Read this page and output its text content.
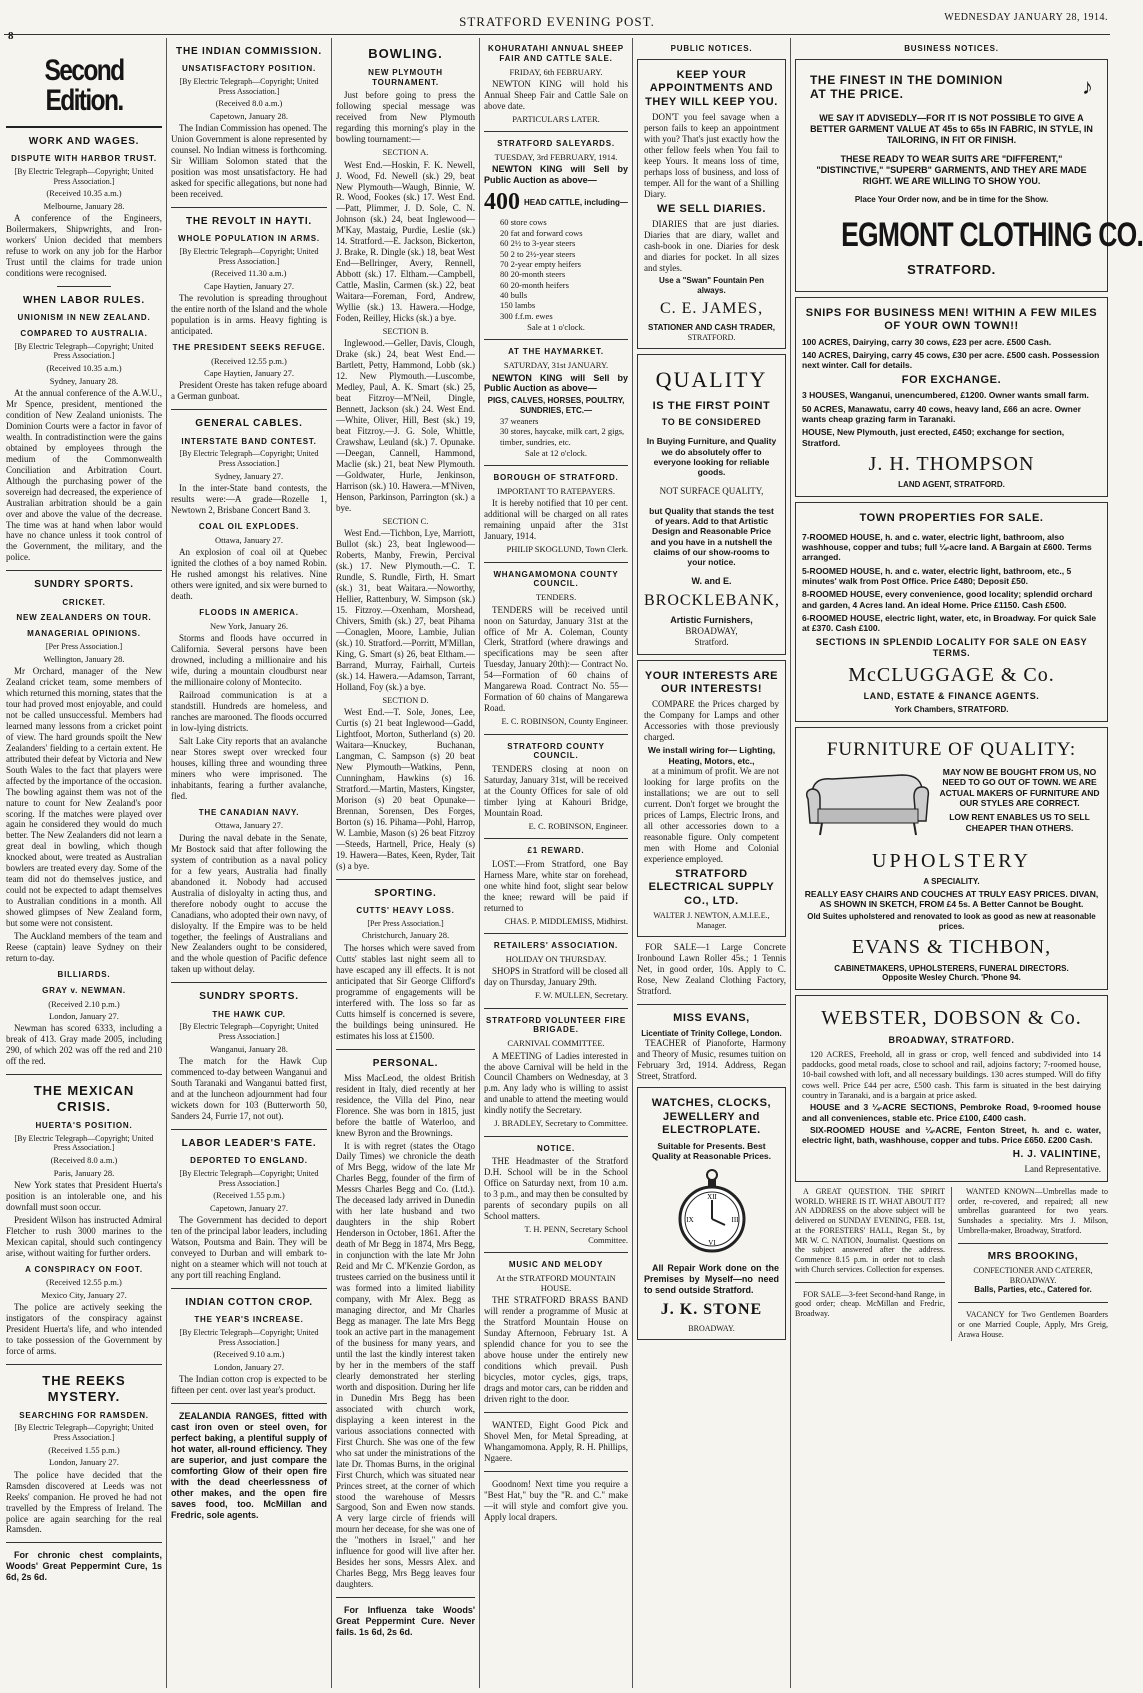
STRATFORD EVENING POST.	WEDNESDAY JANUARY 28, 1914.
8
Second Edition.
WORK AND WAGES.
DISPUTE WITH HARBOR TRUST.
[By Electric Telegraph—Copyright; United Press Association.]
(Received 10.35 a.m.)
Melbourne, January 28.

A conference of the Engineers, Boilermakers, Shipwrights, and Iron-workers' Union decided that members refuse to work on any job for the Harbor Trust until the claims for trade union conditions were recognised.

WHEN LABOR RULES.
UNIONISM IN NEW ZEALAND.
COMPARED TO AUSTRALIA.
[By Electric Telegraph—Copyright; United Press Association.]
(Received 10.35 a.m.)
Sydney, January 28.

At the annual conference of the A.W.U., Mr Spence, president, mentioned the condition of New Zealand unionists. The Dominion Courts were a factor in favor of wealth. In contradistinction were the gains obtained by employees through the medium of the Commonwealth Conciliation and Arbitration Court. Although the purchasing power of the sovereign had decreased, the experience of Australian arbitration should be a gain over and above the value of the decrease. The time was at hand when labor would have no chance unless it took control of the Government, the military, and the police.

SUNDRY SPORTS.
CRICKET.
NEW ZEALANDERS ON TOUR.
MANAGERIAL OPINIONS.
[Per Press Association.]
Wellington, January 28.

Mr Orchard, manager of the New Zealand cricket team, some members of which returned this morning, states that the tour had proved most enjoyable, and could not be called unsuccessful. Members had learned many lessons from a cricket point of view. The hard grounds spoilt the New Zealanders' fielding to a certain extent. He attributed their defeat by Victoria and New South Wales to the fact that players were affected by the importance of the occasion. The bowling against them was not of the nature to count for New Zealand's poor scoring. If the matches were played over again he considered they would do much better. The New Zealanders did not learn a great deal in bowling, which though knocked about, were treated as Australian bowlers are treated every day. Some of the team did not do themselves justice, and could not be expected to adapt themselves to Australian conditions in a month. All showed glimpses of New Zealand form, but some were not consistent.

The Auckland members of the team and Reese (captain) leave Sydney on their return to-day.

BILLIARDS.
GRAY v. NEWMAN.
(Received 2.10 p.m.)
London, January 27.

Newman has scored 6333, including a break of 413. Gray made 2005, including 290, of which 202 was off the red and 210 off the red.

THE MEXICAN CRISIS.
HUERTA'S POSITION.
[By Electric Telegraph—Copyright; United Press Association.]
(Received 8.0 a.m.)
Paris, January 28.

New York states that President Huerta's position is an intolerable one, and his downfall must soon occur.

President Wilson has instructed Admiral Fletcher to rush 3000 marines to the Mexican capital, should such contingency arise, without waiting for further orders.

A CONSPIRACY ON FOOT.
(Received 12.55 p.m.)
Mexico City, January 27.

The police are actively seeking the instigators of the conspiracy against President Huerta's life, and who intended to take possession of the Government by force of arms.

THE REEKS MYSTERY.
SEARCHING FOR RAMSDEN.
[By Electric Telegraph—Copyright; United Press Association.]
(Received 1.55 p.m.)
London, January 27.

The police have decided that the Ramsden discovered at Leeds was not Reeks' companion. He proved he had not travelled by the Empress of Ireland. The police are again searching for the real Ramsden.

For chronic chest complaints, Woods' Great Peppermint Cure, 1s 6d, 2s 6d.

THE INDIAN COMMISSION.
UNSATISFACTORY POSITION.
[By Electric Telegraph—Copyright; United Press Association.]
(Received 8.0 a.m.)
Capetown, January 28.

The Indian Commission has opened. The Union Government is alone represented by counsel. No Indian witness is forthcoming. Sir William Solomon stated that the position was most unsatisfactory. He had asked for specific allegations, but none had been received.

THE REVOLT IN HAYTI.
WHOLE POPULATION IN ARMS.
[By Electric Telegraph—Copyright; United Press Association.]
(Received 11.30 a.m.)
Cape Haytien, January 27.

The revolution is spreading throughout the entire north of the Island and the whole population is in arms. Heavy fighting is anticipated.

THE PRESIDENT SEEKS REFUGE.
(Received 12.55 p.m.)
Cape Haytien, January 27.

President Oreste has taken refuge aboard a German gunboat.

GENERAL CABLES.
INTERSTATE BAND CONTEST.
[By Electric Telegraph—Copyright; United Press Association.]
Sydney, January 27.

In the inter-State band contests, the results were:—A grade—Rozelle 1, Newtown 2, Brisbane Concert Band 3.

COAL OIL EXPLODES.
Ottawa, January 27.

An explosion of coal oil at Quebec ignited the clothes of a boy named Robin. He rushed amongst his relatives. Nine others were ignited, and six were burned to death.

FLOODS IN AMERICA.
New York, January 26.

Storms and floods have occurred in California. Several persons have been drowned, including a millionaire and his wife, during a mountain cloudburst near the millionaire colony of Montecito.

Railroad communication is at a standstill. Hundreds are homeless, and ranches are marooned. The floods occurred in low-lying districts.

Salt Lake City reports that an avalanche near Stores swept over wrecked four houses, killing three and wounding three miners who were imprisoned. The inhabitants, fearing a further avalanche, fled.

THE CANADIAN NAVY.
Ottawa, January 27.

During the naval debate in the Senate, Mr Bostock said that after following the system of contribution as a naval policy for a few years, Australia had finally abandoned it. Nobody had accused Australia of disloyalty in acting thus, and therefore nobody ought to accuse the Canadians, who adopted their own navy, of disloyalty. If the Empire was to be held together, the feelings of Australians and New Zealanders ought to be considered, and the whole question of Pacific defence taken up without delay.

SUNDRY SPORTS.
THE HAWK CUP.
[By Electric Telegraph—Copyright; United Press Association.]
Wanganui, January 28.

The match for the Hawk Cup commenced to-day between Wanganui and South Taranaki and Wanganui batted first, and at the luncheon adjournment had four wickets down for 103 (Butterworth 50, Sanders 24, Furrie 17, not out).

LABOR LEADER'S FATE.
DEPORTED TO ENGLAND.
[By Electric Telegraph—Copyright; United Press Association.]
(Received 1.55 p.m.)
Capetown, January 27.

The Government has decided to deport ten of the principal labor leaders, including Watson, Poutsma and Bain. They will be conveyed to Durban and will embark to-night on a steamer which will not touch at any port till reaching England.

INDIAN COTTON CROP.
THE YEAR'S INCREASE.
[By Electric Telegraph—Copyright; United Press Association.]
(Received 9.10 a.m.)
London, January 27.

The Indian cotton crop is expected to be fifteen per cent. over last year's product.

ZEALANDIA RANGES, fitted with cast iron oven or steel oven, for perfect baking, a plentiful supply of hot water, all-round efficiency. They are superior, and just compare the comforting Glow of their open fire with the dead cheerlessness of other makes, and the open fire saves food, too. McMillan and Fredric, sole agents.

BOWLING.
NEW PLYMOUTH TOURNAMENT.

Just before going to press the following special message was received from New Plymouth regarding this morning's play in the bowling tournament:—

SECTION A.

West End.—Hoskin, F. K. Newell, J. Wood, Fd. Newell (sk.) 29, beat New Plymouth—Waugh, Binnie, W. R. Wood, Fookes (sk.) 17. West End.—Patt, Plimmer, J. D. Sole, C. N. Johnson (sk.) 24, beat Inglewood—M'Kay, Mastaig, Purdie, Leslie (sk.) 14. Stratford.—E. Jackson, Bickerton, J. Brake, R. Dingle (sk.) 18, beat West End—Bellringer, Avery, Rennell, Abbott (sk.) 17. Eltham.—Campbell, Cattle, Maslin, Carmen (sk.) 22, beat Waitara—Foreman, Ford, Andrew, Wyllie (sk.) 13. Hawera.—Hodge, Foden, Reilley, Hicks (sk.) a bye.

SECTION B.

Inglewood.—Geller, Davis, Clough, Drake (sk.) 24, beat West End.—Bartlett, Petty, Hammond, Lobb (sk.) 12. New Plymouth.—Luscombe, Medley, Paul, A. K. Smart (sk.) 25, beat Fitzroy—M'Neil, Dingle, Bennett, Jackson (sk.) 24. West End.—White, Oliver, Hill, Best (sk.) 19, beat Fitzroy.—J. G. Sole, Whittle, Crawshaw, Leuland (sk.) 7. Opunake.—Deegan, Cannell, Hammond, Maclie (sk.) 21, beat New Plymouth.—Goldwater, Hurle, Jenkinson, Harrison (sk.) 10. Hawera.—M'Niven, Henson, Parkinson, Parrington (sk.) a bye.

SECTION C.

West End.—Tichbon, Lye, Marriott, Bullot (sk.) 23, beat Inglewood—Roberts, Manby, Frewin, Percival (sk.) 17. New Plymouth.—C. T. Rundle, S. Rundle, Firth, H. Smart (sk.) 31, beat Waitara.—Noworthy, Hellier, Rattenbury, W. Simpson (sk.) 15. Fitzroy.—Oxenham, Morshead, Chivers, Smith (sk.) 27, beat Pihama—Conaglen, Moore, Lambie, Julian (sk.) 10. Stratford.—Porritt, M'Millan, King, G. Smart (s) 26, beat Eltham.—Barrand, Murray, Fairhall, Curteis (sk.) 14. Hawera.—Adamson, Tarrant, Holland, Foy (sk.) a bye.

SECTION D.

West End.—T. Sole, Jones, Lee, Curtis (s) 21 beat Inglewood—Gadd, Lightfoot, Morton, Sutherland (s) 20. Waitara—Knuckey, Buchanan, Langman, C. Sampson (s) 20 beat New Plymouth—Watkins, Penn, Cunningham, Hawkins (s) 16. Stratford.—Martin, Masters, Kingster, Morison (s) 20 beat Opunake—Brennan, Sorensen, Des Forges, Borton (s) 16. Pihama—Pohl, Harrop, W. Lambie, Mason (s) 26 beat Fitzroy—Steeds, Hartnell, Price, Healy (s) 19. Hawera—Bates, Keen, Ryder, Tait (s) a bye.

SPORTING.
CUTTS' HEAVY LOSS.
[Per Press Association.]
Christchurch, January 28.

The horses which were saved from Cutts' stables last night seem all to have escaped any ill effects. It is not anticipated that Sir George Clifford's programme of engagements will be interfered with. The loss so far as Cutts himself is concerned is severe, the buildings being uninsured. He estimates his loss at £1500.

PERSONAL.

Miss MacLeod, the oldest British resident in Italy, died recently at her residence, the Villa del Pino, near Florence. She was born in 1815, just before the battle of Waterloo, and knew Byron and the Brownings.

It is with regret (states the Otago Daily Times) we chronicle the death of Mrs Begg, widow of the late Mr Charles Begg, founder of the firm of Messrs Charles Begg and Co. (Ltd.). The deceased lady arrived in Dunedin with her late husband and two daughters in the ship Robert Henderson in October, 1861. After the death of Mr Begg in 1874, Mrs Begg, in conjunction with the late Mr John Reid and Mr C. M'Kenzie Gordon, as trustees carried on the business until it was formed into a limited liability company, with Mr Alex. Begg as managing director, and Mr Charles Begg as manager. The late Mrs Begg took an active part in the management of the business for many years, and until the last the kindly interest taken by her in the members of the staff clearly demonstrated her sterling worth and disposition. During her life in Dunedin Mrs Begg has been associated with church work, displaying a keen interest in the various associations connected with First Church. She was one of the few who sat under the ministrations of the late Dr. Thomas Burns, in the original First Church, which was situated near Princes street, at the corner of which stood the warehouse of Messrs Sargood, Son and Ewen now stands. A very large circle of friends will mourn her decease, for she was one of the "mothers in Israel," and her influence for good will live after her. Besides her sons, Messrs Alex. and Charles Begg, Mrs Begg leaves four daughters.

For Influenza take Woods' Great Peppermint Cure. Never fails. 1s 6d, 2s 6d.

KOHURATAHI ANNUAL SHEEP FAIR AND CATTLE SALE.
FRIDAY, 6th FEBRUARY.

NEWTON KING will hold his Annual Sheep Fair and Cattle Sale on above date.

PARTICULARS LATER.
STRATFORD SALEYARDS.
TUESDAY, 3rd FEBRUARY, 1914.

NEWTON KING will Sell by Public Auction as above—

400 HEAD CATTLE, including—
60 store cows
20 fat and forward cows
60 2½ to 3-year steers
50 2 to 2½-year steers
70 2-year empty heifers
80 20-month steers
60 20-month heifers
40 bulls
150 lambs
300 f.f.m. ewes
Sale at 1 o'clock.
AT THE HAYMARKET.
SATURDAY, 31st JANUARY.

NEWTON KING will Sell by Public Auction as above—

PIGS, CALVES, HORSES, POULTRY, SUNDRIES, ETC.—
37 weaners
30 stores, haycake, milk cart, 2 gigs, timber, sundries, etc.
Sale at 12 o'clock.
BOROUGH OF STRATFORD.
IMPORTANT TO RATEPAYERS.

It is hereby notified that 10 per cent. additional will be charged on all rates remaining unpaid after the 31st January, 1914.

PHILIP SKOGLUND, Town Clerk.
WHANGAMOMONA COUNTY COUNCIL.
TENDERS.

TENDERS will be received until noon on Saturday, January 31st at the office of Mr A. Coleman, County Clerk, Stratford (where drawings and specifications may be seen after Tuesday, January 20th):— Contract No. 54—Formation of 60 chains of Mangarewa Road. Contract No. 55—Formation of 60 chains of Mangarewa Road.

E. C. ROBINSON, County Engineer.
STRATFORD COUNTY COUNCIL.

TENDERS closing at noon on Saturday, January 31st, will be received at the County Offices for sale of old timber lying at Kahouri Bridge, Mountain Road.

E. C. ROBINSON, Engineer.
£1 REWARD.

LOST.—From Stratford, one Bay Harness Mare, white star on forehead, one white hind foot, slight sear below the knee; reward will be paid if returned to

CHAS. P. MIDDLEMISS, Midhirst.
RETAILERS' ASSOCIATION.
HOLIDAY ON THURSDAY.

SHOPS in Stratford will be closed all day on Thursday, January 29th.

F. W. MULLEN, Secretary.
STRATFORD VOLUNTEER FIRE BRIGADE.
CARNIVAL COMMITTEE.

A MEETING of Ladies interested in the above Carnival will be held in the Council Chambers on Wednesday, at 3 p.m. Any lady who is willing to assist and unable to attend the meeting would kindly notify the Secretary.

J. BRADLEY, Secretary to Committee.
NOTICE.

THE Headmaster of the Stratford D.H. School will be in the School Office on Saturday next, from 10 a.m. to 3 p.m., and may then be consulted by parents of secondary pupils on all School matters.

T. H. PENN, Secretary School Committee.
MUSIC AND MELODY
At the STRATFORD MOUNTAIN HOUSE.

THE STRATFORD BRASS BAND will render a programme of Music at the Stratford Mountain House on Sunday Afternoon, February 1st. A splendid chance for you to see the above house under the entirely new conditions which prevail. Push bicycles, motor cycles, gigs, traps, drags and motor cars, can be ridden and driven right to the door.

WANTED, Eight Good Pick and Shovel Men, for Metal Spreading, at Whangamomona. Apply, R. H. Phillips, Ngaere.

Goodnom! Next time you require a "Best Hat," buy the "R. and C." make—it will style and comfort give you. Apply local drapers.

PUBLIC NOTICES.
KEEP YOUR APPOINTMENTS AND THEY WILL KEEP YOU.

DON'T you feel savage when a person fails to keep an appointment with you? That's just exactly how the other fellow feels when You fail to keep Yours. It means loss of time, perhaps loss of business, and loss of temper. All for the want of a Shilling Diary.

WE SELL DIARIES.

DIARIES that are just diaries. Diaries that are diary, wallet and cash-book in one. Diaries for desk and diaries for pocket. In all sizes and styles.

Use a "Swan" Fountain Pen always.
C. E. JAMES,
STATIONER AND CASH TRADER,
STRATFORD.
QUALITY
IS THE FIRST POINT
TO BE CONSIDERED

In Buying Furniture, and Quality we do absolutely offer to everyone looking for reliable goods.

NOT SURFACE QUALITY,

but Quality that stands the test of years. Add to that Artistic Design and Reasonable Price and you have in a nutshell the claims of our show-rooms to your notice.

W. and E.
BROCKLEBANK,
Artistic Furnishers,
BROADWAY,
Stratford.
YOUR INTERESTS ARE OUR INTERESTS!

COMPARE the Prices charged by the Company for Lamps and other Accessories with those previously charged.

We install wiring for— Lighting, Heating, Motors, etc.,

at a minimum of profit. We are not looking for large profits on the installations; we are out to sell current. Don't forget we brought the prices of Lamps, Electric Irons, and all other accessories down to a reasonable figure. Only competent men with Home and Colonial experience employed.

STRATFORD ELECTRICAL SUPPLY CO., LTD.
WALTER J. NEWTON, A.M.I.E.E., Manager.

FOR SALE—1 Large Concrete Ironbound Lawn Roller 45s.; 1 Tennis Net, in good order, 10s. Apply to C. Rose, New Zealand Clothing Factory, Stratford.

MISS EVANS,
Licentiate of Trinity College, London.

TEACHER of Pianoforte, Harmony and Theory of Music, resumes tuition on February 3rd, 1914. Address, Regan Street, Stratford.

WATCHES, CLOCKS, JEWELLERY and ELECTROPLATE.
Suitable for Presents. Best Quality at Reasonable Prices.
XII
III
VI
IX

All Repair Work done on the Premises by Myself—no need to send outside Stratford.

J. K. STONE
BROADWAY.
BUSINESS NOTICES.
THE FINEST IN THE DOMINION AT THE PRICE.	♪

WE SAY IT ADVISEDLY—FOR IT IS NOT POSSIBLE TO GIVE A BETTER GARMENT VALUE AT 45s to 65s IN FABRIC, IN STYLE, IN TAILORING, IN FIT OR FINISH.

THESE READY TO WEAR SUITS ARE "DIFFERENT," "DISTINCTIVE," "SUPERB" GARMENTS, AND THEY ARE MADE RIGHT. WE ARE WILLING TO SHOW YOU.

Place Your Order now, and be in time for the Show.
EGMONT CLOTHING CO.
STRATFORD.
SNIPS FOR BUSINESS MEN! WITHIN A FEW MILES OF YOUR OWN TOWN!!
100 ACRES, Dairying, carry 30 cows, £23 per acre. £500 Cash.
140 ACRES, Dairying, carry 45 cows, £30 per acre. £500 cash. Possession next winter. Call for details.
FOR EXCHANGE.
3 HOUSES, Wanganui, unencumbered, £1200. Owner wants small farm.
50 ACRES, Manawatu, carry 40 cows, heavy land, £66 an acre. Owner wants cheap grazing farm in Taranaki.
HOUSE, New Plymouth, just erected, £450; exchange for section, Stratford.
J. H. THOMPSON
LAND AGENT, STRATFORD.
TOWN PROPERTIES FOR SALE.
7-ROOMED HOUSE, h. and c. water, electric light, bathroom, also washhouse, copper and tubs; full ¼-acre land. A Bargain at £600. Terms arranged.
5-ROOMED HOUSE, h. and c. water, electric light, bathroom, etc., 5 minutes' walk from Post Office. Price £480; Deposit £50.
8-ROOMED HOUSE, every convenience, good locality; splendid orchard and garden, 4 Acres land. An ideal Home. Price £1150. Cash £500.
6-ROOMED HOUSE, electric light, water, etc, in Broadway. For quick Sale at £370. Cash £100.
SECTIONS IN SPLENDID LOCALITY FOR SALE ON EASY TERMS.
McCLUGGAGE & Co.
LAND, ESTATE & FINANCE AGENTS.
York Chambers, STRATFORD.
FURNITURE OF QUALITY:

MAY NOW BE BOUGHT FROM US, NO NEED TO GO OUT OF TOWN. WE ARE ACTUAL MAKERS OF FURNITURE AND OUR STYLES ARE CORRECT.

LOW RENT ENABLES US TO SELL CHEAPER THAN OTHERS.

UPHOLSTERY
A SPECIALITY.

REALLY EASY CHAIRS AND COUCHES AT TRULY EASY PRICES. DIVAN, AS SHOWN IN SKETCH, FROM £4 5s. A Better Cannot be Bought.

Old Suites upholstered and renovated to look as good as new at reasonable prices.

EVANS & TICHBON,
CABINETMAKERS, UPHOLSTERERS, FUNERAL DIRECTORS.
Opposite Wesley Church. 'Phone 94.
WEBSTER, DOBSON & Co.
BROADWAY, STRATFORD.

120 ACRES, Freehold, all in grass or crop, well fenced and subdivided into 14 paddocks, good metal roads, close to school and rail, adjoins factory; 7-roomed house, 10-bail cowshed with loft, and all necessary buildings. 130 acres stumped. Will do fifty cows well. Price £44 per acre, £500 cash. This farm is situated in the best dairying country in Taranaki, and is a bargain at price asked.

HOUSE and 3 ¼-ACRE SECTIONS, Pembroke Road, 9-roomed house and all conveniences, stable etc. Price £100, £400 cash.

SIX-ROOMED HOUSE and ¼-ACRE, Fenton Street, h. and c. water, electric light, bath, washhouse, copper and tubs. Price £650. £200 Cash.

H. J. VALINTINE,
Land Representative.

A GREAT QUESTION. THE SPIRIT WORLD. WHERE IS IT. WHAT ABOUT IT? AN ADDRESS on the above subject will be delivered on SUNDAY EVENING, FEB. 1st, at the FORESTERS' HALL, Regan St., by MR W. C. NATION, Journalist. Questions on the subject answered after the address. Commence 8.15 p.m. in order not to clash with Church services. Collection for expenses.

FOR SALE—3-feet Second-hand Range, in good order; cheap. McMillan and Fredric, Broadway.

WANTED KNOWN—Umbrellas made to order, re-covered, and repaired; all new umbrellas guaranteed for two years. Sunshades a speciality. Mrs J. Milson, Umbrella-maker, Broadway, Stratford.

MRS BROOKING,
CONFECTIONER AND CATERER, BROADWAY.
Balls, Parties, etc., Catered for.

VACANCY for Two Gentlemen Boarders or one Married Couple, Apply, Mrs Greig, Arawa House.
